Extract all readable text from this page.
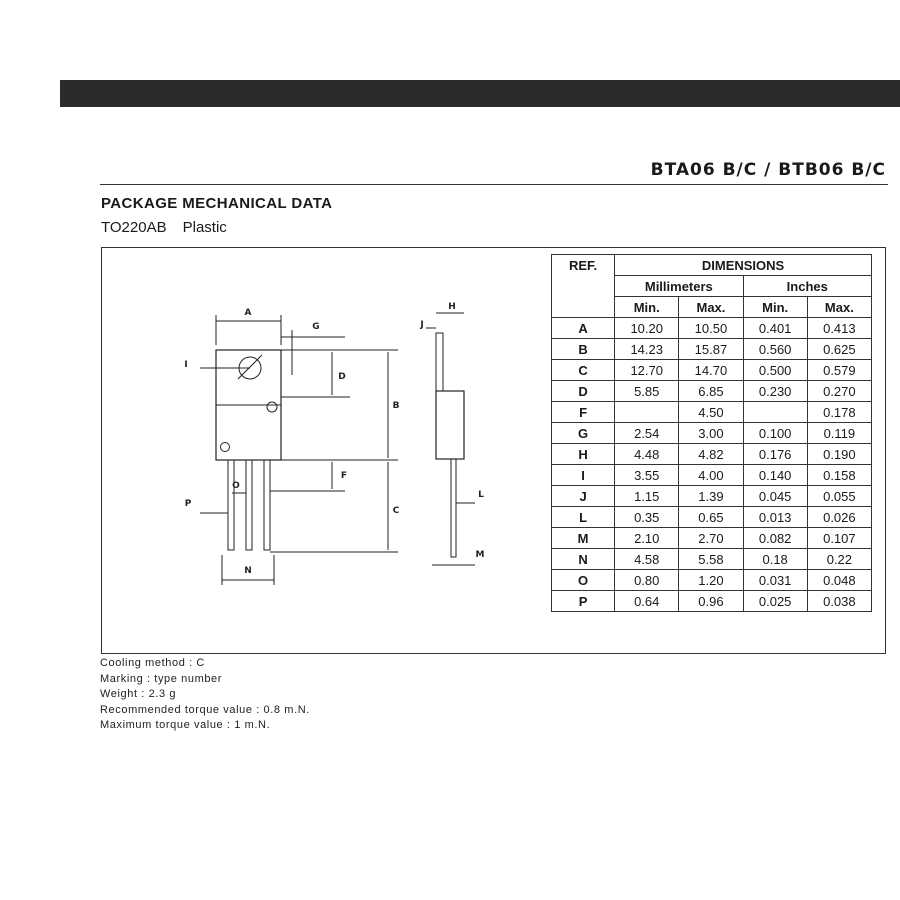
BTA06 B/C / BTB06 B/C
PACKAGE MECHANICAL DATA
TO220AB Plastic
A
G
I
D
B
F
C
O
P
N
H
J
L
M
REF.	DIMENSIONS			
	Millimeters		Inches	
	Min.	Max.	Min.	Max.
A	10.20	10.50	0.401	0.413
B	14.23	15.87	0.560	0.625
C	12.70	14.70	0.500	0.579
D	5.85	6.85	0.230	0.270
F		4.50		0.178
G	2.54	3.00	0.100	0.119
H	4.48	4.82	0.176	0.190
I	3.55	4.00	0.140	0.158
J	1.15	1.39	0.045	0.055
L	0.35	0.65	0.013	0.026
M	2.10	2.70	0.082	0.107
N	4.58	5.58	0.18	0.22
O	0.80	1.20	0.031	0.048
P	0.64	0.96	0.025	0.038
Cooling method : C
Marking : type number
Weight : 2.3 g
Recommended torque value : 0.8 m.N.
Maximum torque value : 1 m.N.
